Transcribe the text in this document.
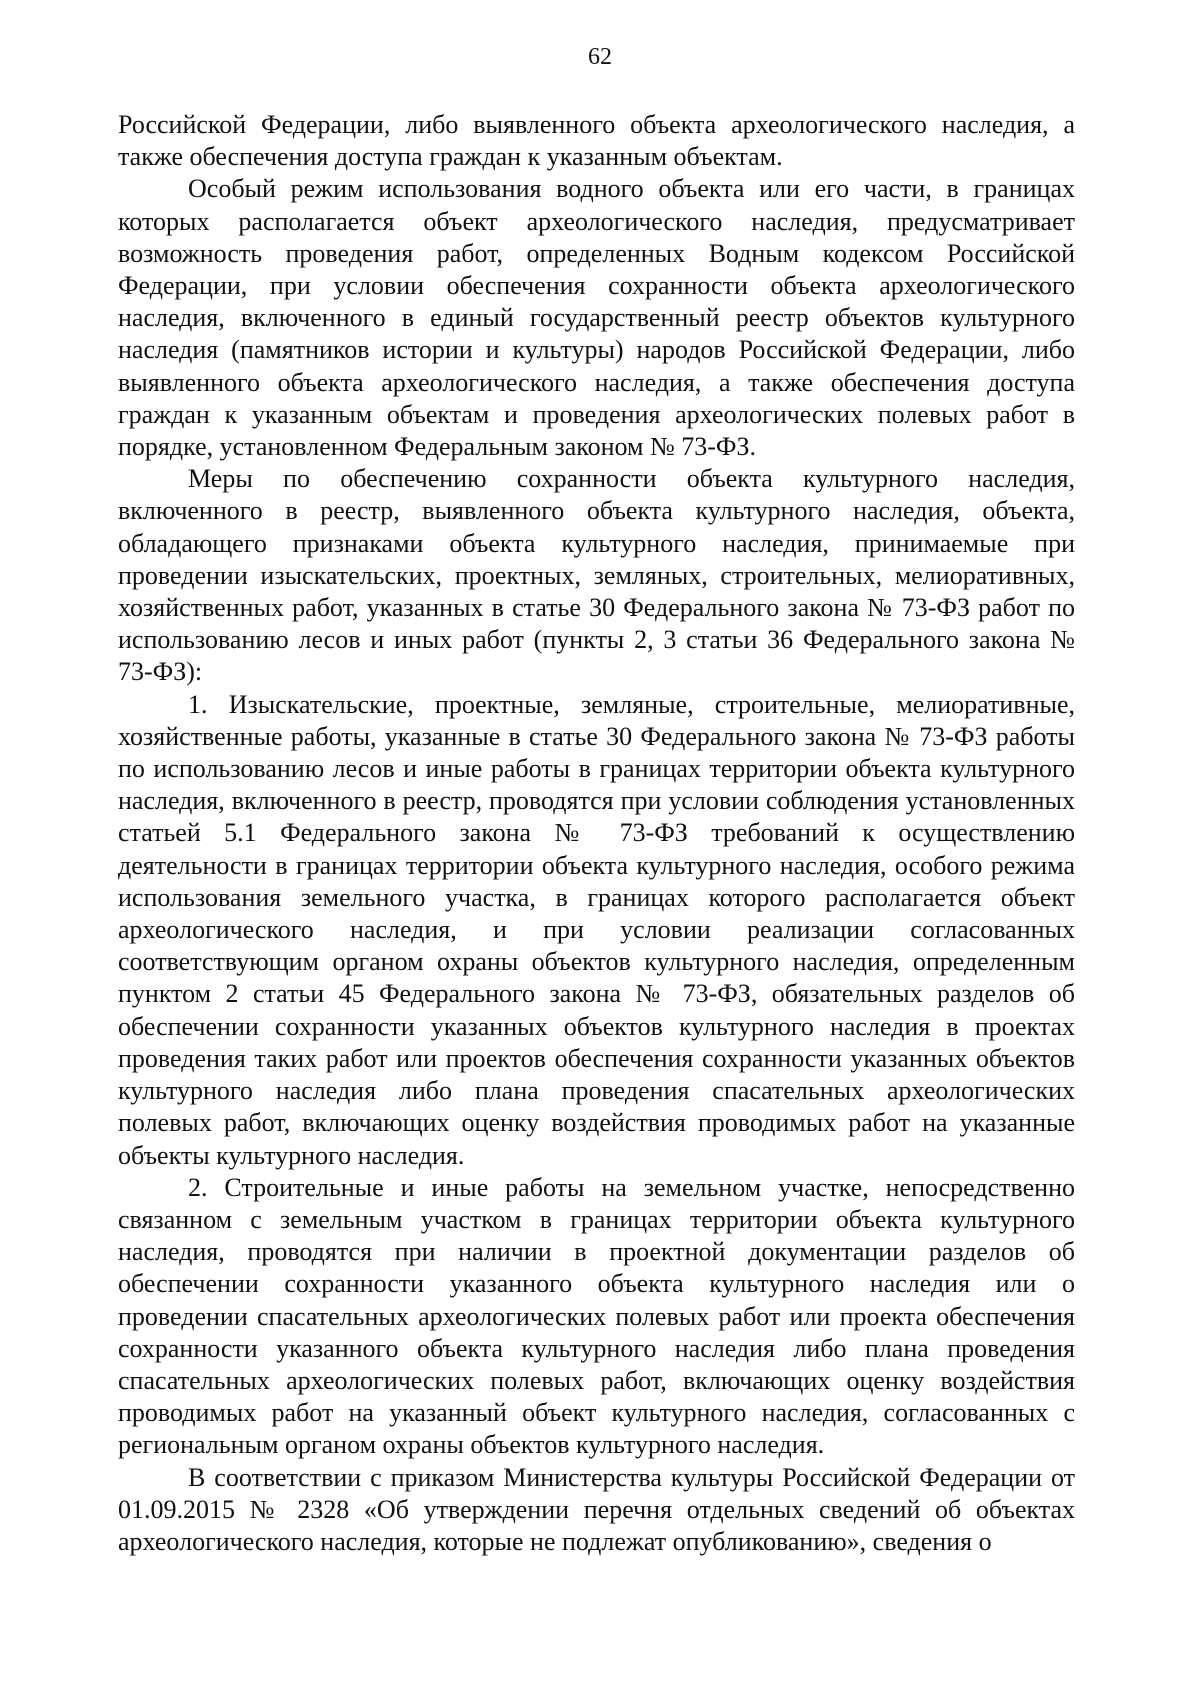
62

Российской Федерации, либо выявленного объекта археологического наследия, а также обеспечения доступа граждан к указанным объектам.

Особый режим использования водного объекта или его части, в границах которых располагается объект археологического наследия, предусматривает возможность проведения работ, определенных Водным кодексом Российской Федерации, при условии обеспечения сохранности объекта археологического наследия, включенного в единый государственный реестр объектов культурного наследия (памятников истории и культуры) народов Российской Федерации, либо выявленного объекта археологического наследия, а также обеспечения доступа граждан к указанным объектам и проведения археологических полевых работ в порядке, установленном Федеральным законом № 73-ФЗ.

Меры по обеспечению сохранности объекта культурного наследия, включенного в реестр, выявленного объекта культурного наследия, объекта, обладающего признаками объекта культурного наследия, принимаемые при проведении изыскательских, проектных, земляных, строительных, мелиоративных, хозяйственных работ, указанных в статье 30 Федерального закона № 73-ФЗ работ по использованию лесов и иных работ (пункты 2, 3 статьи 36 Федерального закона № 73-ФЗ):

1. Изыскательские, проектные, земляные, строительные, мелиоративные, хозяйственные работы, указанные в статье 30 Федерального закона № 73-ФЗ работы по использованию лесов и иные работы в границах территории объекта культурного наследия, включенного в реестр, проводятся при условии соблюдения установленных статьей 5.1 Федерального закона № 73-ФЗ требований к осуществлению деятельности в границах территории объекта культурного наследия, особого режима использования земельного участка, в границах которого располагается объект археологического наследия, и при условии реализации согласованных соответствующим органом охраны объектов культурного наследия, определенным пунктом 2 статьи 45 Федерального закона № 73-ФЗ, обязательных разделов об обеспечении сохранности указанных объектов культурного наследия в проектах проведения таких работ или проектов обеспечения сохранности указанных объектов культурного наследия либо плана проведения спасательных археологических полевых работ, включающих оценку воздействия проводимых работ на указанные объекты культурного наследия.

2. Строительные и иные работы на земельном участке, непосредственно связанном с земельным участком в границах территории объекта культурного наследия, проводятся при наличии в проектной документации разделов об обеспечении сохранности указанного объекта культурного наследия или о проведении спасательных археологических полевых работ или проекта обеспечения сохранности указанного объекта культурного наследия либо плана проведения спасательных археологических полевых работ, включающих оценку воздействия проводимых работ на указанный объект культурного наследия, согласованных с региональным органом охраны объектов культурного наследия.

В соответствии с приказом Министерства культуры Российской Федерации от 01.09.2015 № 2328 «Об утверждении перечня отдельных сведений об объектах археологического наследия, которые не подлежат опубликованию», сведения о
